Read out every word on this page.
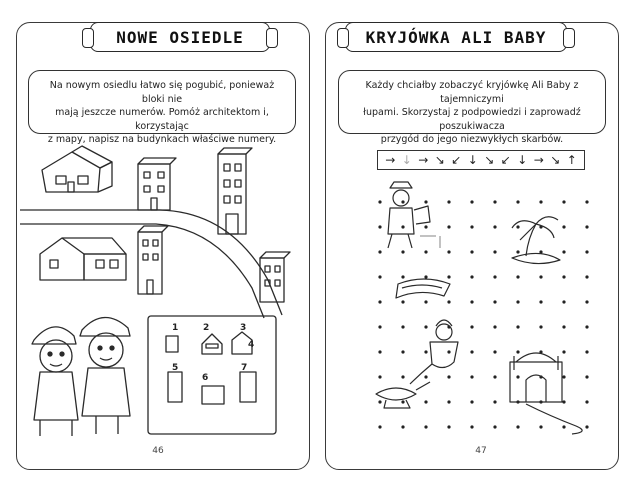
NOWE OSIEDLE

Na nowym osiedlu łatwo się pogubić, ponieważ bloki nie

mają jeszcze numerów. Pomóż architektom i, korzystając

z mapy, napisz na budynkach właściwe numery.

1	2	3
4
5
6
7
46
KRYJÓWKA ALI BABY

Każdy chciałby zobaczyć kryjówkę Ali Baby z tajemniczymi

łupami. Skorzystaj z podpowiedzi i zaprowadź poszukiwacza

przygód do jego niezwykłych skarbów.

→ ↓ → ↘ ↙ ↓ ↘ ↙ ↓ → ↘ ↑
47
